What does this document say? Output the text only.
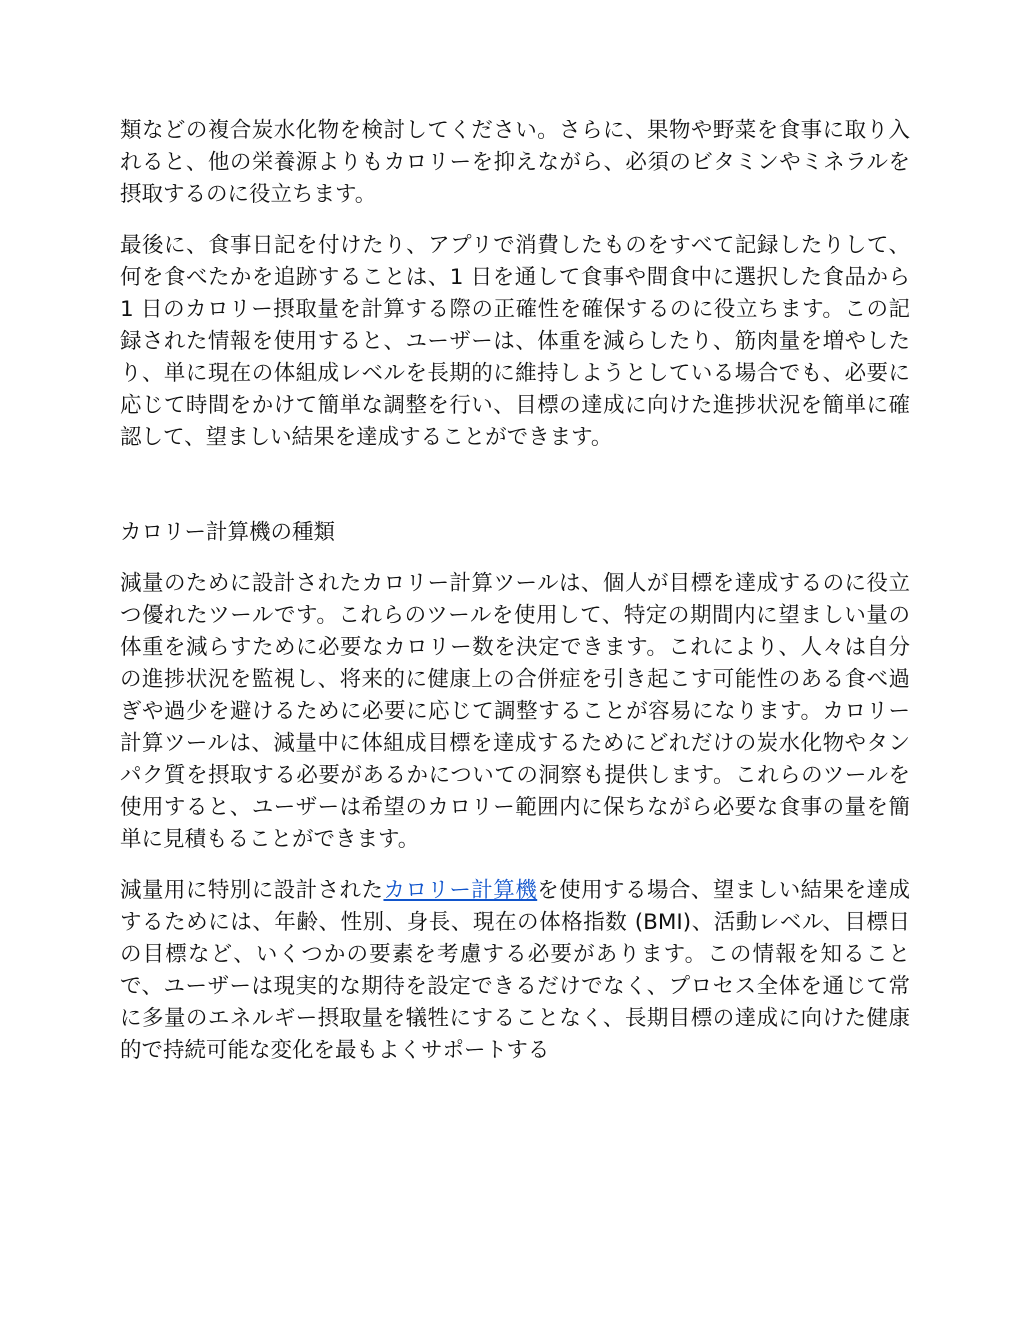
類などの複合炭水化物を検討してください。さらに、果物や野菜を食事に取り入れると、他の栄養源よりもカロリーを抑えながら、必須のビタミンやミネラルを摂取するのに役立ちます。

最後に、食事日記を付けたり、アプリで消費したものをすべて記録したりして、何を食べたかを追跡することは、1 日を通して食事や間食中に選択した食品から 1 日のカロリー摂取量を計算する際の正確性を確保するのに役立ちます。この記録された情報を使用すると、ユーザーは、体重を減らしたり、筋肉量を増やしたり、単に現在の体組成レベルを長期的に維持しようとしている場合でも、必要に応じて時間をかけて簡単な調整を行い、目標の達成に向けた進捗状況を簡単に確認して、望ましい結果を達成することができます。

カロリー計算機の種類

減量のために設計されたカロリー計算ツールは、個人が目標を達成するのに役立つ優れたツールです。これらのツールを使用して、特定の期間内に望ましい量の体重を減らすために必要なカロリー数を決定できます。これにより、人々は自分の進捗状況を監視し、将来的に健康上の合併症を引き起こす可能性のある食べ過ぎや過少を避けるために必要に応じて調整することが容易になります。カロリー計算ツールは、減量中に体組成目標を達成するためにどれだけの炭水化物やタンパク質を摂取する必要があるかについての洞察も提供します。これらのツールを使用すると、ユーザーは希望のカロリー範囲内に保ちながら必要な食事の量を簡単に見積もることができます。

減量用に特別に設計されたカロリー計算機を使用する場合、望ましい結果を達成するためには、年齢、性別、身長、現在の体格指数 (BMI)、活動レベル、目標日の目標など、いくつかの要素を考慮する必要があります。この情報を知ることで、ユーザーは現実的な期待を設定できるだけでなく、プロセス全体を通じて常に多量のエネルギー摂取量を犠牲にすることなく、長期目標の達成に向けた健康的で持続可能な変化を最もよくサポートする
